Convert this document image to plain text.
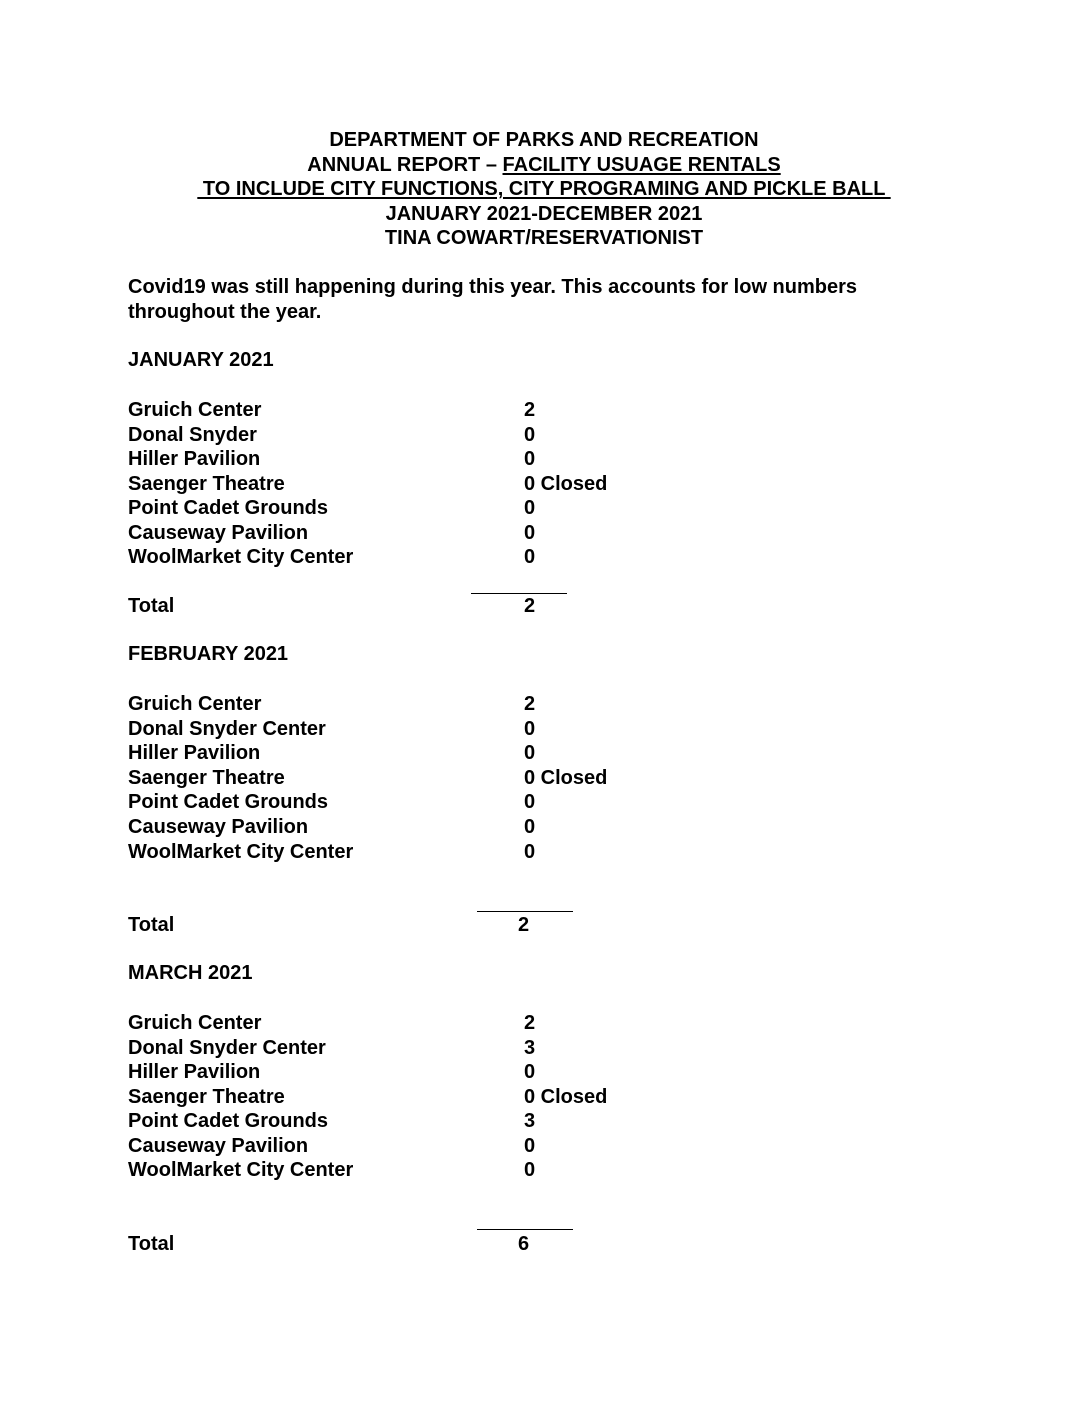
DEPARTMENT OF PARKS AND RECREATION
ANNUAL REPORT – FACILITY USUAGE RENTALS
TO INCLUDE CITY FUNCTIONS, CITY PROGRAMING AND PICKLE BALL
JANUARY 2021-DECEMBER 2021
TINA COWART/RESERVATIONIST
Covid19 was still happening during this year. This accounts for low numbers throughout the year.
JANUARY 2021
Gruich Center	2
Donal Snyder	0
Hiller Pavilion	0
Saenger Theatre	0 Closed
Point Cadet Grounds	0
Causeway Pavilion	0
WoolMarket City Center	0
Total	2
FEBRUARY 2021
Gruich Center	2
Donal Snyder Center	0
Hiller Pavilion	0
Saenger Theatre	0 Closed
Point Cadet Grounds	0
Causeway Pavilion	0
WoolMarket City Center	0
Total	2
MARCH 2021
Gruich Center	2
Donal Snyder Center	3
Hiller Pavilion	0
Saenger Theatre	0 Closed
Point Cadet Grounds	3
Causeway Pavilion	0
WoolMarket City Center	0
Total	6
